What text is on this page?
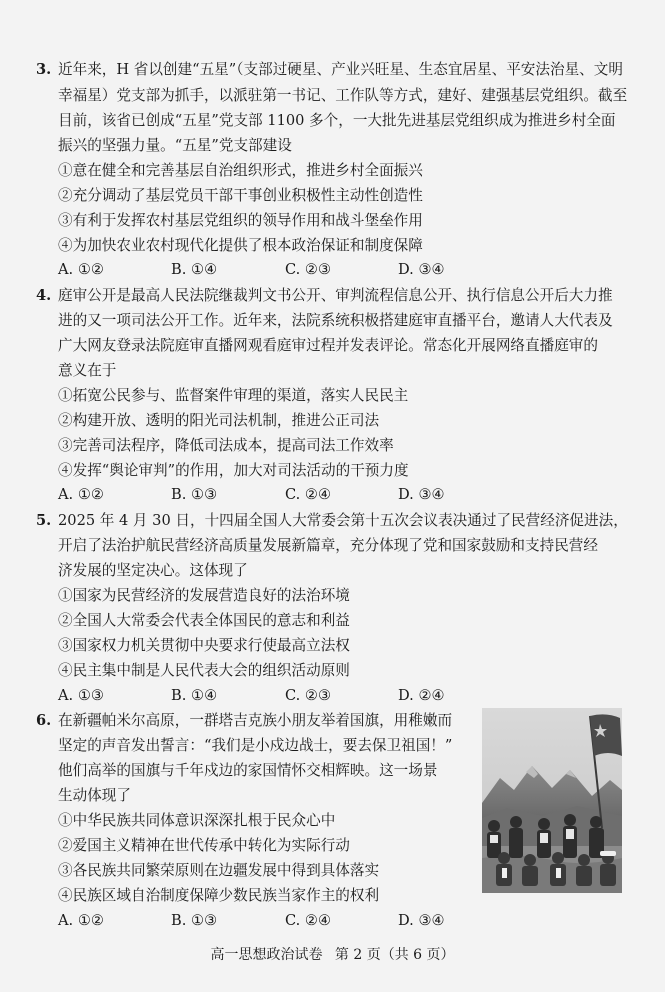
3. 近年来，H 省以创建“五星”（支部过硬星、产业兴旺星、生态宜居星、平安法治星、文明
幸福星）党支部为抓手，以派驻第一书记、工作队等方式，建好、建强基层党组织。截至
目前，该省已创成“五星”党支部 1100 多个，一大批先进基层党组织成为推进乡村全面
振兴的坚强力量。“五星”党支部建设
①意在健全和完善基层自治组织形式，推进乡村全面振兴
②充分调动了基层党员干部干事创业积极性主动性创造性
③有利于发挥农村基层党组织的领导作用和战斗堡垒作用
④为加快农业农村现代化提供了根本政治保证和制度保障
A. ①②	B. ①④	C. ②③	D. ③④
4. 庭审公开是最高人民法院继裁判文书公开、审判流程信息公开、执行信息公开后大力推
进的又一项司法公开工作。近年来，法院系统积极搭建庭审直播平台，邀请人大代表及
广大网友登录法院庭审直播网观看庭审过程并发表评论。常态化开展网络直播庭审的
意义在于
①拓宽公民参与、监督案件审理的渠道，落实人民民主
②构建开放、透明的阳光司法机制，推进公正司法
③完善司法程序，降低司法成本，提高司法工作效率
④发挥“舆论审判”的作用，加大对司法活动的干预力度
A. ①②	B. ①③	C. ②④	D. ③④
5. 2025 年 4 月 30 日，十四届全国人大常委会第十五次会议表决通过了民营经济促进法，
开启了法治护航民营经济高质量发展新篇章，充分体现了党和国家鼓励和支持民营经
济发展的坚定决心。这体现了
①国家为民营经济的发展营造良好的法治环境
②全国人大常委会代表全体国民的意志和利益
③国家权力机关贯彻中央要求行使最高立法权
④民主集中制是人民代表大会的组织活动原则
A. ①③	B. ①④	C. ②③	D. ②④
6. 在新疆帕米尔高原，一群塔吉克族小朋友举着国旗，用稚嫩而
坚定的声音发出誓言：“我们是小戍边战士，要去保卫祖国！”
他们高举的国旗与千年戍边的家国情怀交相辉映。这一场景
生动体现了
①中华民族共同体意识深深扎根于民众心中
②爱国主义精神在世代传承中转化为实际行动
③各民族共同繁荣原则在边疆发展中得到具体落实
④民族区域自治制度保障少数民族当家作主的权利
A. ①②	B. ①③	C. ②④	D. ③④
高一思想政治试卷 第 2 页（共 6 页）
